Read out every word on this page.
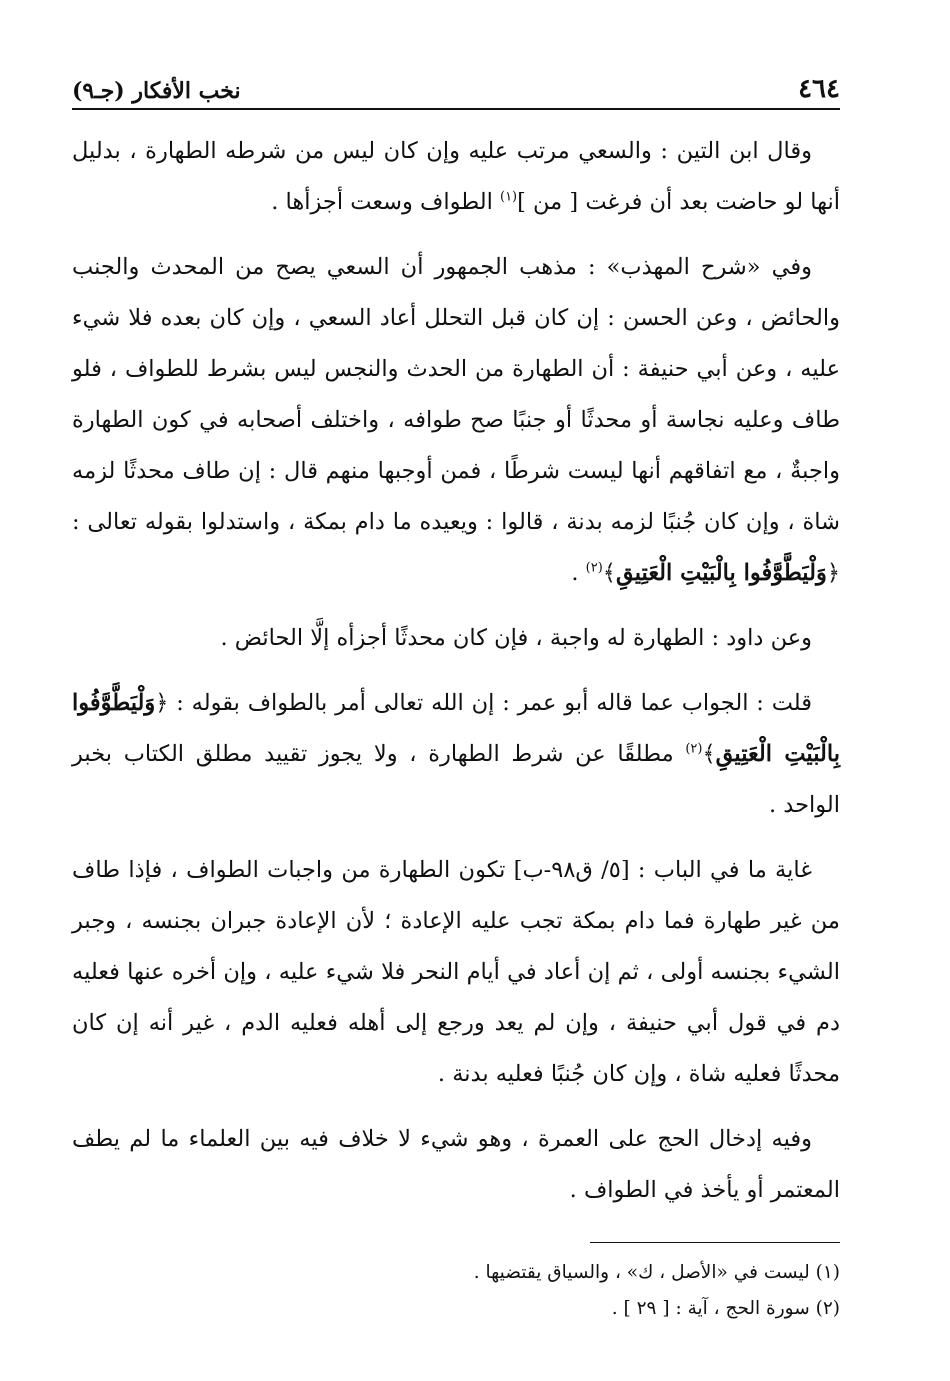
٤٦٤
نخب الأفكار (جـ٩)

وقال ابن التين : والسعي مرتب عليه وإن كان ليس من شرطه الطهارة ، بدليل أنها لو حاضت بعد أن فرغت [ من ]$^{(١)}$ الطواف وسعت أجزأها .

وفي «شرح المهذب» : مذهب الجمهور أن السعي يصح من المحدث والجنب والحائض ، وعن الحسن : إن كان قبل التحلل أعاد السعي ، وإن كان بعده فلا شيء عليه ، وعن أبي حنيفة : أن الطهارة من الحدث والنجس ليس بشرط للطواف ، فلو طاف وعليه نجاسة أو محدثًا أو جنبًا صح طوافه ، واختلف أصحابه في كون الطهارة واجبةٌ ، مع اتفاقهم أنها ليست شرطًا ، فمن أوجبها منهم قال : إن طاف محدثًا لزمه شاة ، وإن كان جُنبًا لزمه بدنة ، قالوا : ويعيده ما دام بمكة ، واستدلوا بقوله تعالى : ﴿وَلْيَطَّوَّفُوا بِالْبَيْتِ الْعَتِيقِ﴾$^{(٢)}$ .

وعن داود : الطهارة له واجبة ، فإن كان محدثًا أجزأه إلَّا الحائض .

قلت : الجواب عما قاله أبو عمر : إن الله تعالى أمر بالطواف بقوله : ﴿وَلْيَطَّوَّفُوا بِالْبَيْتِ الْعَتِيقِ﴾$^{(٢)}$ مطلقًا عن شرط الطهارة ، ولا يجوز تقييد مطلق الكتاب بخبر الواحد .

غاية ما في الباب : [٥/ ق٩٨-ب] تكون الطهارة من واجبات الطواف ، فإذا طاف من غير طهارة فما دام بمكة تجب عليه الإعادة ؛ لأن الإعادة جبران بجنسه ، وجبر الشيء بجنسه أولى ، ثم إن أعاد في أيام النحر فلا شيء عليه ، وإن أخره عنها فعليه دم في قول أبي حنيفة ، وإن لم يعد ورجع إلى أهله فعليه الدم ، غير أنه إن كان محدثًا فعليه شاة ، وإن كان جُنبًا فعليه بدنة .

وفيه إدخال الحج على العمرة ، وهو شيء لا خلاف فيه بين العلماء ما لم يطف المعتمر أو يأخذ في الطواف .

(١) ليست في «الأصل ، ك» ، والسياق يقتضيها .

(٢) سورة الحج ، آية : [ ٢٩ ] .
